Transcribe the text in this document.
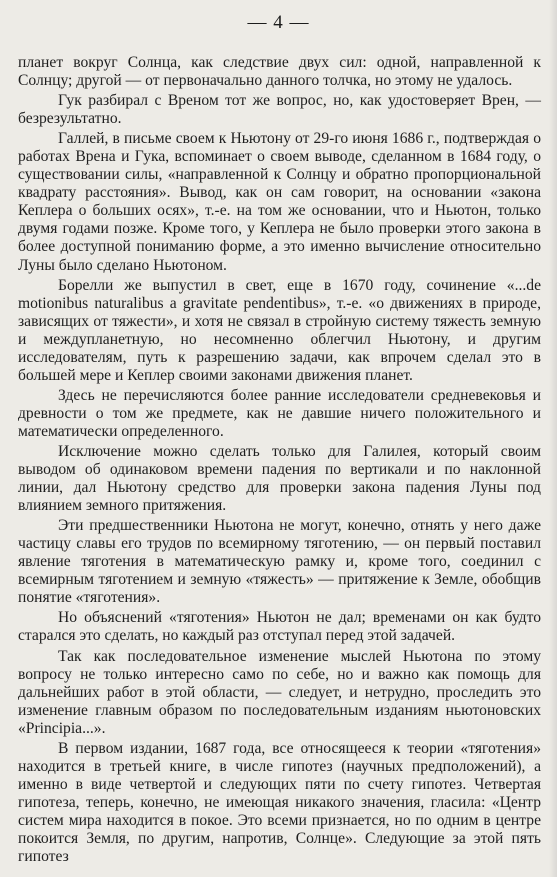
— 4 —

планет вокруг Солнца, как следствие двух сил: одной, направленной к Солнцу; другой — от первоначально данного толчка, но этому не удалось.

Гук разбирал с Вреном тот же вопрос, но, как удостоверяет Врен, — безрезультатно.

Галлей, в письме своем к Ньютону от 29-го июня 1686 г., подтверждая о работах Врена и Гука, вспоминает о своем выводе, сделанном в 1684 году, о существовании силы, «направленной к Солнцу и обратно пропорциональной квадрату расстояния». Вывод, как он сам говорит, на основании «закона Кеплера о больших осях», т.-е. на том же основании, что и Ньютон, только двумя годами позже. Кроме того, у Кеплера не было проверки этого закона в более доступной пониманию форме, а это именно вычисление относительно Луны было сделано Ньютоном.

Борелли же выпустил в свет, еще в 1670 году, сочинение «...de motionibus naturalibus a gravitate pendentibus», т.-е. «о движениях в природе, зависящих от тяжести», и хотя не связал в стройную систему тяжесть земную и междупланетную, но несомненно облегчил Ньютону, и другим исследователям, путь к разрешению задачи, как впрочем сделал это в большей мере и Кеплер своими законами движения планет.

Здесь не перечисляются более ранние исследователи средневековья и древности о том же предмете, как не давшие ничего положительного и математически определенного.

Исключение можно сделать только для Галилея, который своим выводом об одинаковом времени падения по вертикали и по наклонной линии, дал Ньютону средство для проверки закона падения Луны под влиянием земного притяжения.

Эти предшественники Ньютона не могут, конечно, отнять у него даже частицу славы его трудов по всемирному тяготению, — он первый поставил явление тяготения в математическую рамку и, кроме того, соединил с всемирным тяготением и земную «тяжесть» — притяжение к Земле, обобщив понятие «тяготения».

Но объяснений «тяготения» Ньютон не дал; временами он как будто старался это сделать, но каждый раз отступал перед этой задачей.

Так как последовательное изменение мыслей Ньютона по этому вопросу не только интересно само по себе, но и важно как помощь для дальнейших работ в этой области, — следует, и нетрудно, проследить это изменение главным образом по последовательным изданиям ньютоновских «Principia...».

В первом издании, 1687 года, все относящееся к теории «тяготения» находится в третьей книге, в числе гипотез (научных предположений), а именно в виде четвертой и следующих пяти по счету гипотез. Четвертая гипотеза, теперь, конечно, не имеющая никакого значения, гласила: «Центр систем мира находится в покое. Это всеми признается, но по одним в центре покоится Земля, по другим, напротив, Солнце». Следующие за этой пять гипотез
